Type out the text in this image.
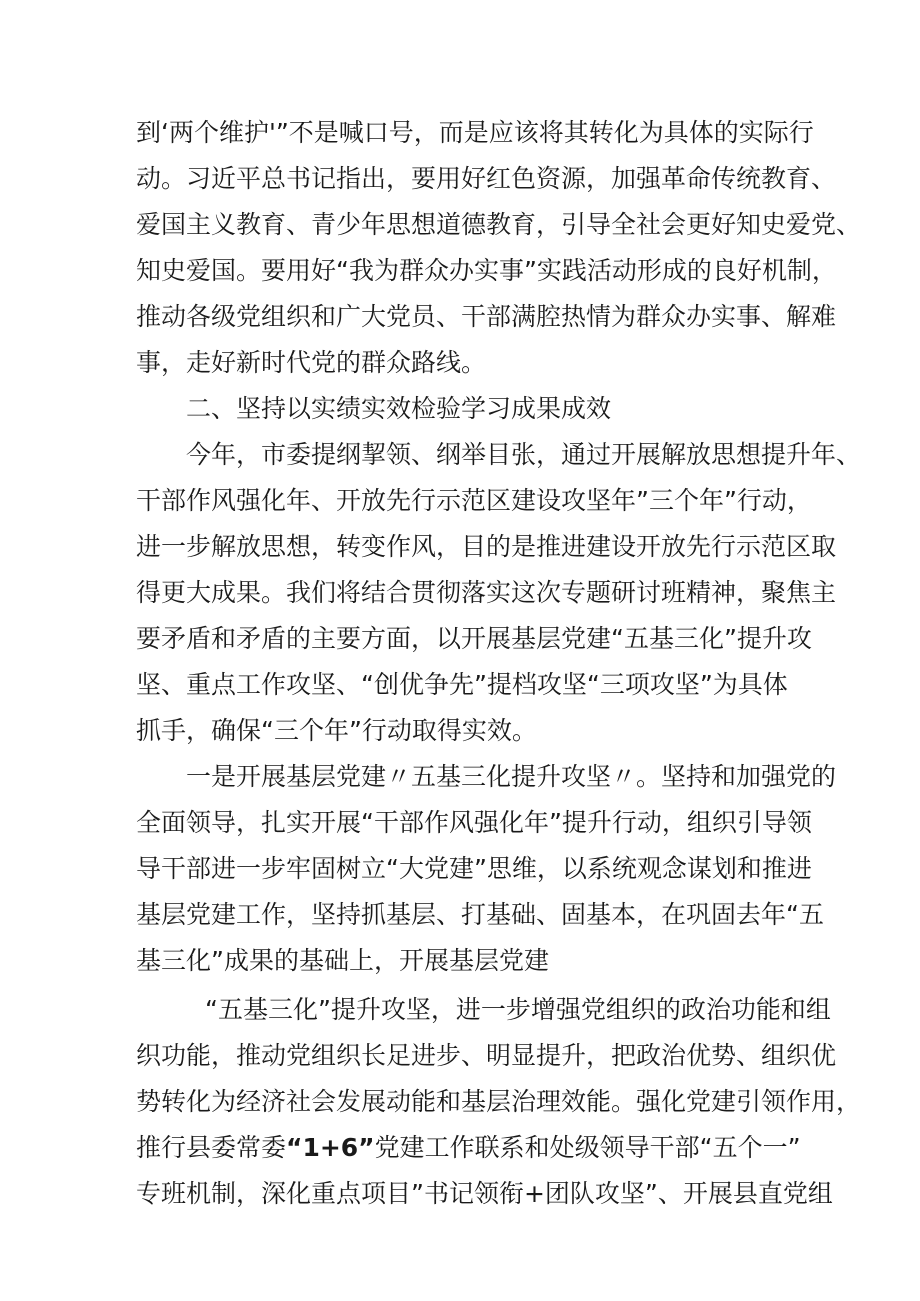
到‘两个维护'”不是喊口号，而是应该将其转化为具体的实际行
动。习近平总书记指出，要用好红色资源，加强革命传统教育、
爱国主义教育、青少年思想道德教育，引导全社会更好知史爱党、
知史爱国。要用好“我为群众办实事”实践活动形成的良好机制，
推动各级党组织和广大党员、干部满腔热情为群众办实事、解难
事，走好新时代党的群众路线。
二、坚持以实绩实效检验学习成果成效
今年，市委提纲挈领、纲举目张，通过开展解放思想提升年、
干部作风强化年、开放先行示范区建设攻坚年”三个年”行动，
进一步解放思想，转变作风，目的是推进建设开放先行示范区取
得更大成果。我们将结合贯彻落实这次专题研讨班精神，聚焦主
要矛盾和矛盾的主要方面，以开展基层党建“五基三化”提升攻
坚、重点工作攻坚、“创优争先”提档攻坚“三项攻坚”为具体
抓手，确保“三个年”行动取得实效。
一是开展基层党建〃五基三化提升攻坚〃。坚持和加强党的
全面领导，扎实开展“干部作风强化年”提升行动，组织引导领
导干部进一步牢固树立“大党建”思维，以系统观念谋划和推进
基层党建工作，坚持抓基层、打基础、固基本，在巩固去年“五
基三化”成果的基础上，开展基层党建
“五基三化”提升攻坚，进一步增强党组织的政治功能和组
织功能，推动党组织长足进步、明显提升，把政治优势、组织优
势转化为经济社会发展动能和基层治理效能。强化党建引领作用，
推行县委常委“1+6”党建工作联系和处级领导干部“五个一”
专班机制，深化重点项目”书记领衔+团队攻坚”、开展县直党组
